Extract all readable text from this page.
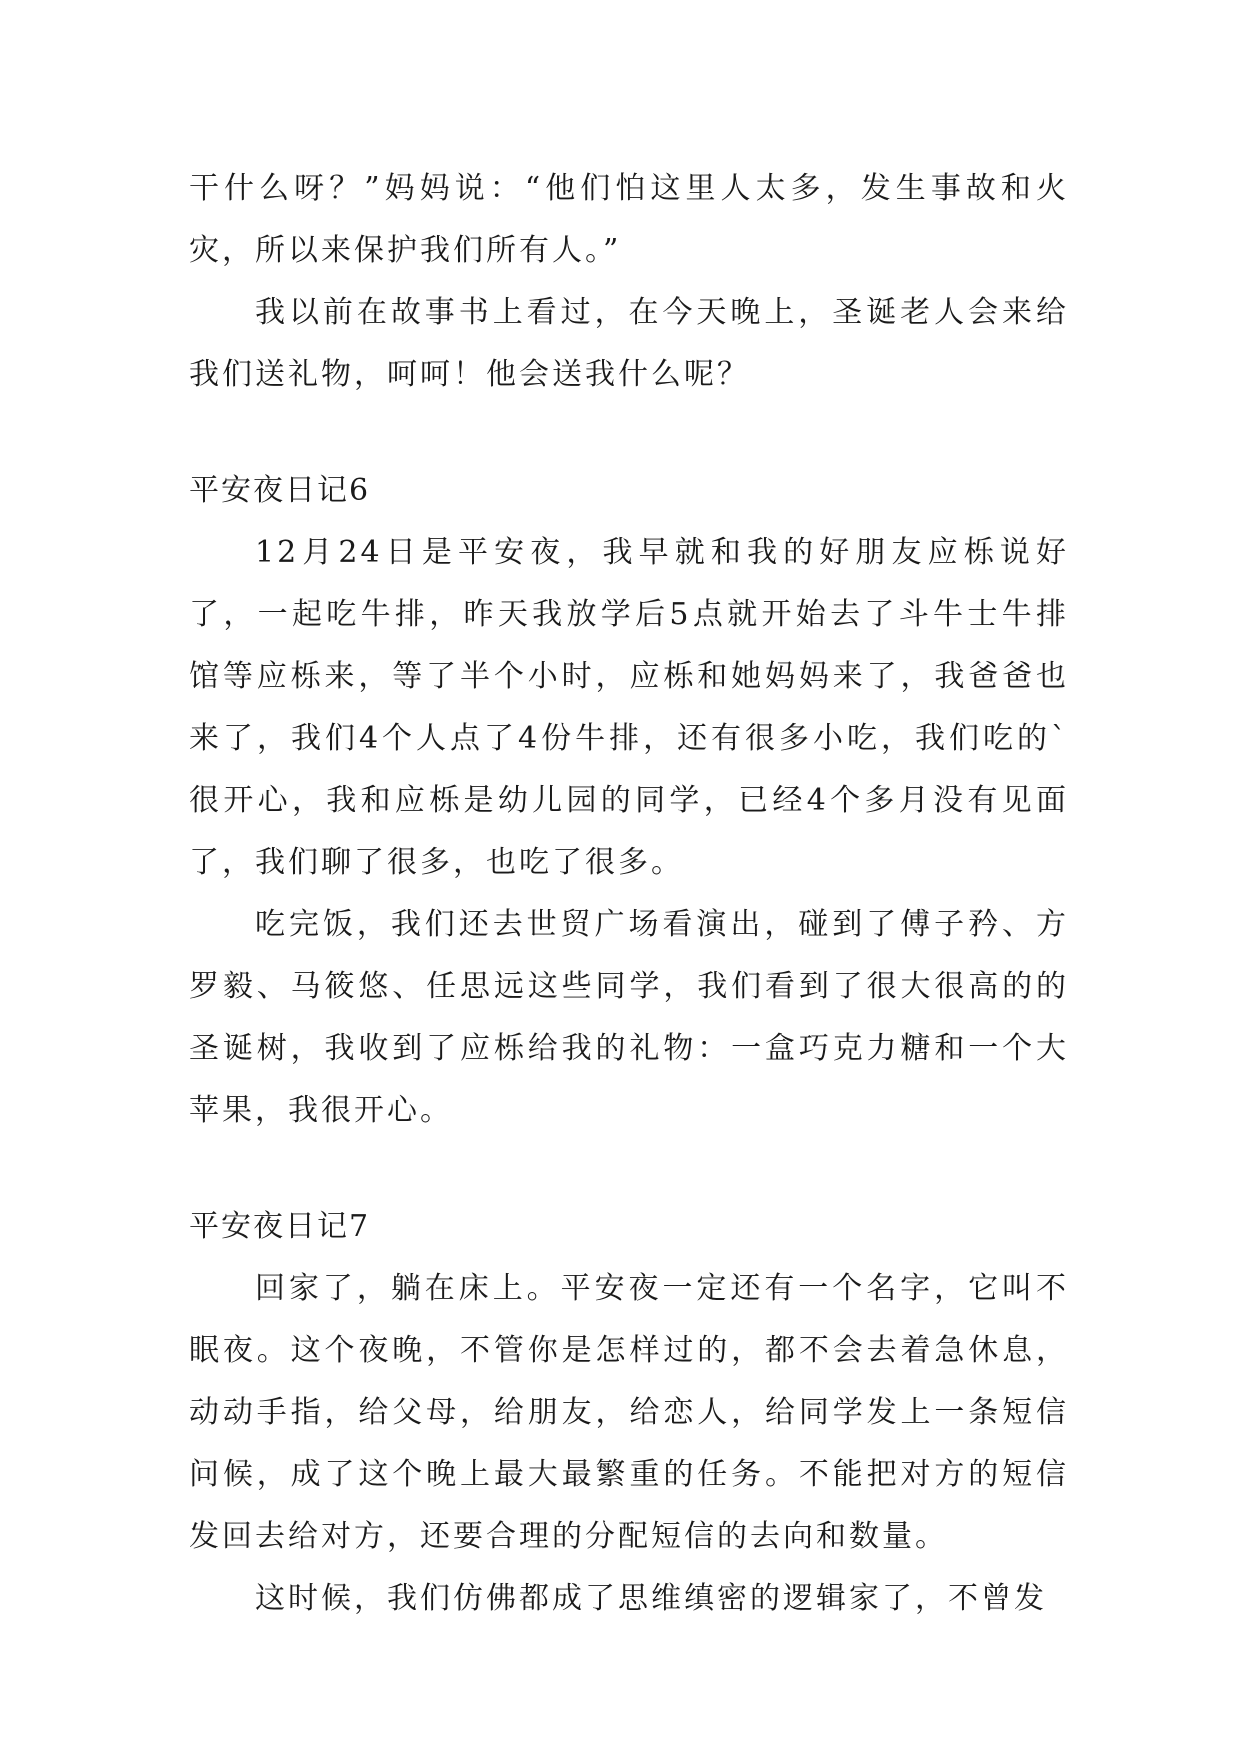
干什么呀？”妈妈说：“他们怕这里人太多，发生事故和火灾，所以来保护我们所有人。”

我以前在故事书上看过，在今天晚上，圣诞老人会来给我们送礼物，呵呵！他会送我什么呢？

平安夜日记6

12月24日是平安夜，我早就和我的好朋友应栎说好了，一起吃牛排，昨天我放学后5点就开始去了斗牛士牛排馆等应栎来，等了半个小时，应栎和她妈妈来了，我爸爸也来了，我们4个人点了4份牛排，还有很多小吃，我们吃的`很开心，我和应栎是幼儿园的同学，已经4个多月没有见面了，我们聊了很多，也吃了很多。

吃完饭，我们还去世贸广场看演出，碰到了傅子矜、方罗毅、马筱悠、任思远这些同学，我们看到了很大很高的的圣诞树，我收到了应栎给我的礼物：一盒巧克力糖和一个大苹果，我很开心。

平安夜日记7

回家了，躺在床上。平安夜一定还有一个名字，它叫不眠夜。这个夜晚，不管你是怎样过的，都不会去着急休息，动动手指，给父母，给朋友，给恋人，给同学发上一条短信问候，成了这个晚上最大最繁重的任务。不能把对方的短信发回去给对方，还要合理的分配短信的去向和数量。

这时候，我们仿佛都成了思维缜密的逻辑家了，不曾发
